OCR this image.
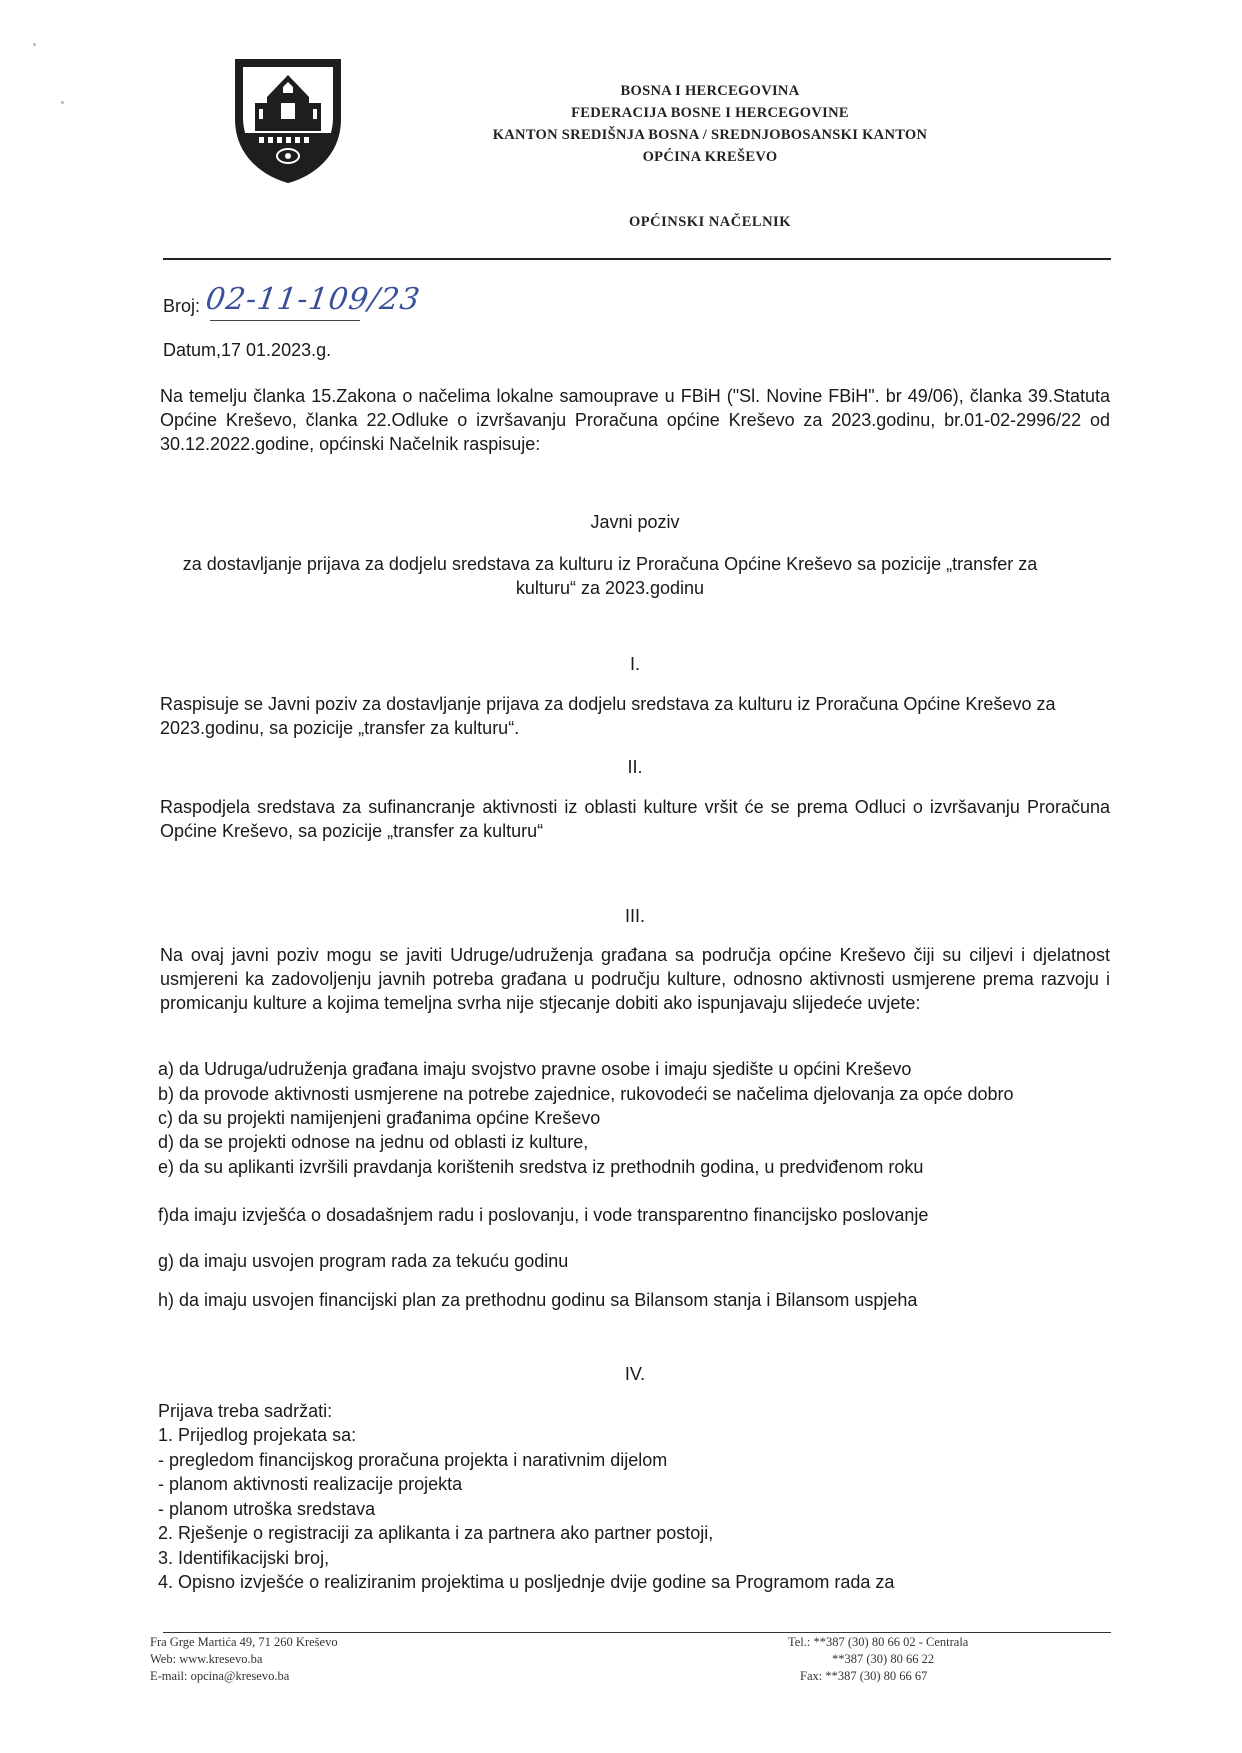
BOSNA I HERCEGOVINA
FEDERACIJA BOSNE I HERCEGOVINE
KANTON SREDIŠNJA BOSNA / SREDNJOBOSANSKI KANTON
OPĆINA KREŠEVO
OPĆINSKI NAČELNIK
Broj: 02-11-109/23
Datum,17 01.2023.g.
Na temelju članka 15.Zakona o načelima lokalne samouprave u FBiH ("Sl. Novine FBiH". br 49/06), članka 39.Statuta Općine Kreševo, članka 22.Odluke o izvršavanju Proračuna općine Kreševo za 2023.godinu, br.01-02-2996/22 od 30.12.2022.godine, općinski Načelnik raspisuje:
Javni poziv
za dostavljanje prijava za dodjelu sredstava za kulturu iz Proračuna Općine Kreševo sa pozicije „transfer za kulturu“ za 2023.godinu
I.
Raspisuje se Javni poziv za dostavljanje prijava za dodjelu sredstava za kulturu iz Proračuna Općine Kreševo za 2023.godinu, sa pozicije „transfer za kulturu“.
II.
Raspodjela sredstava za sufinancranje aktivnosti iz oblasti kulture vršit će se prema Odluci o izvršavanju Proračuna Općine Kreševo, sa pozicije „transfer za kulturu“
III.
Na ovaj javni poziv mogu se javiti Udruge/udruženja građana sa područja općine Kreševo čiji su ciljevi i djelatnost usmjereni ka zadovoljenju javnih potreba građana u području kulture, odnosno aktivnosti usmjerene prema razvoju i promicanju kulture a kojima temeljna svrha nije stjecanje dobiti ako ispunjavaju slijedeće uvjete:
a) da Udruga/udruženja građana imaju svojstvo pravne osobe i imaju sjedište u općini Kreševo
b) da provode aktivnosti usmjerene na potrebe zajednice, rukovodeći se načelima djelovanja za opće dobro
c) da su projekti namijenjeni građanima općine Kreševo
d) da se projekti odnose na jednu od oblasti iz kulture,
e) da su aplikanti izvršili pravdanja korištenih sredstva iz prethodnih godina, u predviđenom roku
f)da imaju izvješća o dosadašnjem radu i poslovanju, i vode transparentno financijsko poslovanje
g) da imaju usvojen program rada za tekuću godinu
h) da imaju usvojen financijski plan za prethodnu godinu sa Bilansom stanja i Bilansom uspjeha
IV.
Prijava treba sadržati:
1. Prijedlog projekata sa:
- pregledom financijskog proračuna projekta i narativnim dijelom
- planom aktivnosti realizacije projekta
- planom utroška sredstava
2. Rješenje o registraciji za aplikanta i za partnera ako partner postoji,
3. Identifikacijski broj,
4. Opisno izvješće o realiziranim projektima u posljednje dvije godine sa Programom rada za
Fra Grge Martića 49, 71 260 Kreševo
Web: www.kresevo.ba
E-mail: opcina@kresevo.ba
Tel.: **387 (30) 80 66 02 - Centrala
**387 (30) 80 66 22
Fax: **387 (30) 80 66 67
